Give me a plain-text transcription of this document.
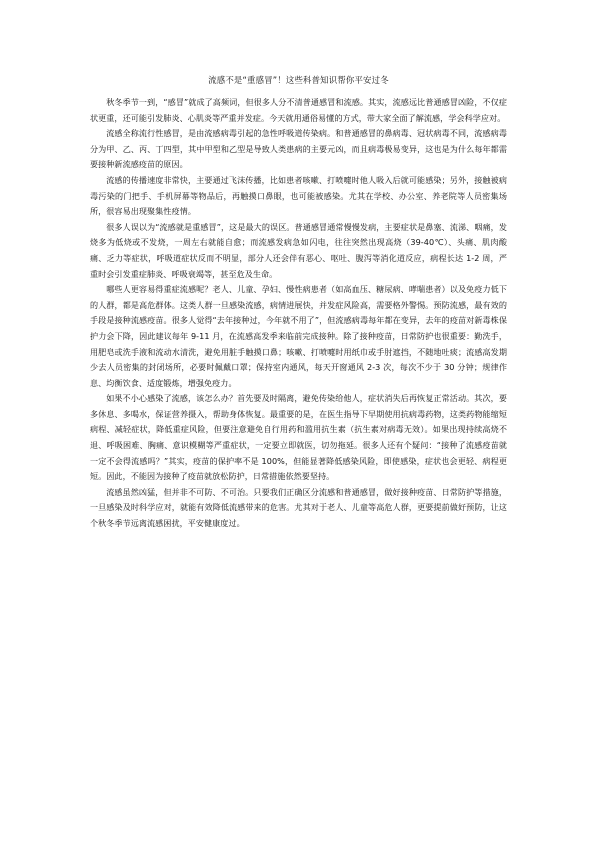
流感不是“重感冒”！这些科普知识帮你平安过冬

秋冬季节一到，“感冒”就成了高频词，但很多人分不清普通感冒和流感。其实，流感远比普通感冒凶险，不仅症状更重，还可能引发肺炎、心肌炎等严重并发症。今天就用通俗易懂的方式，带大家全面了解流感，学会科学应对。

流感全称流行性感冒，是由流感病毒引起的急性呼吸道传染病。和普通感冒的鼻病毒、冠状病毒不同，流感病毒分为甲、乙、丙、丁四型，其中甲型和乙型是导致人类患病的主要元凶，而且病毒极易变异，这也是为什么每年都需要接种新流感疫苗的原因。

流感的传播速度非常快，主要通过飞沫传播，比如患者咳嗽、打喷嚏时他人吸入后就可能感染；另外，接触被病毒污染的门把手、手机屏幕等物品后，再触摸口鼻眼，也可能被感染。尤其在学校、办公室、养老院等人员密集场所，很容易出现聚集性疫情。

很多人误以为“流感就是重感冒”，这是最大的误区。普通感冒通常慢慢发病，主要症状是鼻塞、流涕、咽痛，发烧多为低烧或不发烧，一周左右就能自愈；而流感发病急如闪电，往往突然出现高烧（39-40℃）、头痛、肌肉酸痛、乏力等症状，呼吸道症状反而不明显，部分人还会伴有恶心、呕吐、腹泻等消化道反应，病程长达 1-2 周，严重时会引发重症肺炎、呼吸衰竭等，甚至危及生命。

哪些人更容易得重症流感呢？老人、儿童、孕妇、慢性病患者（如高血压、糖尿病、哮喘患者）以及免疫力低下的人群，都是高危群体。这类人群一旦感染流感，病情进展快，并发症风险高，需要格外警惕。预防流感，最有效的手段是接种流感疫苗。很多人觉得“去年接种过，今年就不用了”，但流感病毒每年都在变异，去年的疫苗对新毒株保护力会下降，因此建议每年 9-11 月，在流感高发季来临前完成接种。除了接种疫苗，日常防护也很重要：勤洗手，用肥皂或洗手液和流动水清洗，避免用脏手触摸口鼻；咳嗽、打喷嚏时用纸巾或手肘遮挡，不随地吐痰；流感高发期少去人员密集的封闭场所，必要时佩戴口罩；保持室内通风，每天开窗通风 2-3 次，每次不少于 30 分钟；规律作息、均衡饮食、适度锻炼，增强免疫力。

如果不小心感染了流感，该怎么办？首先要及时隔离，避免传染给他人，症状消失后再恢复正常活动。其次，要多休息、多喝水，保证营养摄入，帮助身体恢复。最重要的是，在医生指导下早期使用抗病毒药物，这类药物能缩短病程、减轻症状，降低重症风险，但要注意避免自行用药和滥用抗生素（抗生素对病毒无效）。如果出现持续高烧不退、呼吸困难、胸痛、意识模糊等严重症状，一定要立即就医，切勿拖延。很多人还有个疑问：“接种了流感疫苗就一定不会得流感吗？”其实，疫苗的保护率不是 100%，但能显著降低感染风险，即使感染，症状也会更轻、病程更短。因此，不能因为接种了疫苗就放松防护，日常措施依然要坚持。

流感虽然凶猛，但并非不可防、不可治。只要我们正确区分流感和普通感冒，做好接种疫苗、日常防护等措施，一旦感染及时科学应对，就能有效降低流感带来的危害。尤其对于老人、儿童等高危人群，更要提前做好预防，让这个秋冬季节远离流感困扰，平安健康度过。
